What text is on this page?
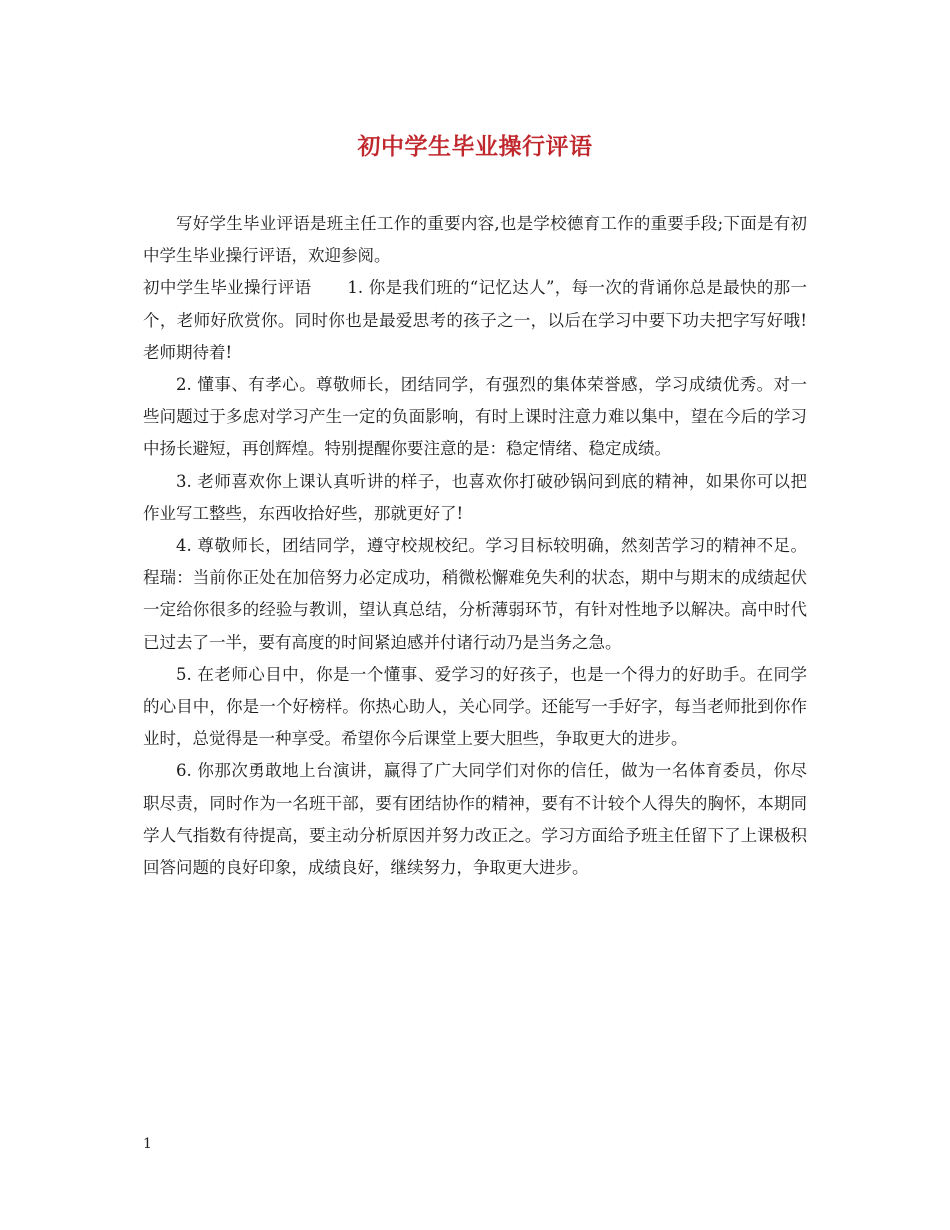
初中学生毕业操行评语

写好学生毕业评语是班主任工作的重要内容,也是学校德育工作的重要手段;下面是有初中学生毕业操行评语，欢迎参阅。

初中学生毕业操行评语 1. 你是我们班的“记忆达人”，每一次的背诵你总是最快的那一个，老师好欣赏你。同时你也是最爱思考的孩子之一，以后在学习中要下功夫把字写好哦!老师期待着!

2. 懂事、有孝心。尊敬师长，团结同学，有强烈的集体荣誉感，学习成绩优秀。对一些问题过于多虑对学习产生一定的负面影响，有时上课时注意力难以集中，望在今后的学习中扬长避短，再创辉煌。特别提醒你要注意的是：稳定情绪、稳定成绩。

3. 老师喜欢你上课认真听讲的样子，也喜欢你打破砂锅问到底的精神，如果你可以把作业写工整些，东西收拾好些，那就更好了!

4. 尊敬师长，团结同学，遵守校规校纪。学习目标较明确，然刻苦学习的精神不足。程瑞：当前你正处在加倍努力必定成功，稍微松懈难免失利的状态，期中与期末的成绩起伏一定给你很多的经验与教训，望认真总结，分析薄弱环节，有针对性地予以解决。高中时代已过去了一半，要有高度的时间紧迫感并付诸行动乃是当务之急。

5. 在老师心目中，你是一个懂事、爱学习的好孩子，也是一个得力的好助手。在同学的心目中，你是一个好榜样。你热心助人，关心同学。还能写一手好字，每当老师批到你作业时，总觉得是一种享受。希望你今后课堂上要大胆些，争取更大的进步。

6. 你那次勇敢地上台演讲，赢得了广大同学们对你的信任，做为一名体育委员，你尽职尽责，同时作为一名班干部，要有团结协作的精神，要有不计较个人得失的胸怀，本期同学人气指数有待提高，要主动分析原因并努力改正之。学习方面给予班主任留下了上课极积回答问题的良好印象，成绩良好，继续努力，争取更大进步。

1
